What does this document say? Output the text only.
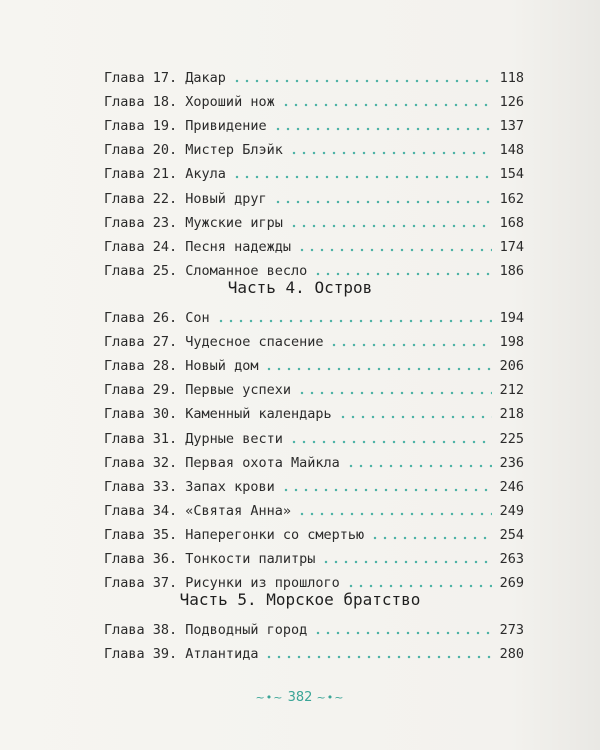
Глава 17. Дакар	118
Глава 18. Хороший нож	126
Глава 19. Привидение	137
Глава 20. Мистер Блэйк	148
Глава 21. Акула	154
Глава 22. Новый друг	162
Глава 23. Мужские игры	168
Глава 24. Песня надежды	174
Глава 25. Сломанное весло	186
Часть 4. Остров
Глава 26. Сон	194
Глава 27. Чудесное спасение	198
Глава 28. Новый дом	206
Глава 29. Первые успехи	212
Глава 30. Каменный календарь	218
Глава 31. Дурные вести	225
Глава 32. Первая охота Майкла	236
Глава 33. Запах крови	246
Глава 34. «Святая Анна»	249
Глава 35. Наперегонки со смертью	254
Глава 36. Тонкости палитры	263
Глава 37. Рисунки из прошлого	269
Часть 5. Морское братство
Глава 38. Подводный город	273
Глава 39. Атлантида	280
~•~ 382 ~•~
